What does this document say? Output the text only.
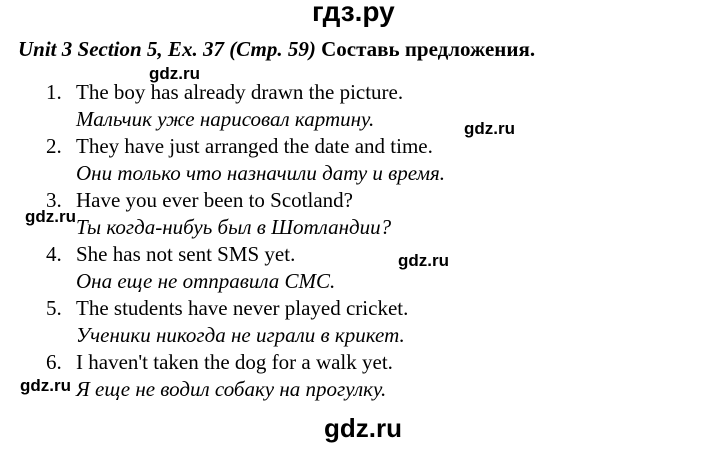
гдз.ру
Unit 3 Section 5, Ex. 37 (Стр. 59) Составь предложения.
1. The boy has already drawn the picture.
Мальчик уже нарисовал картину.
2. They have just arranged the date and time.
Они только что назначили дату и время.
3. Have you ever been to Scotland?
Ты когда-нибуь был в Шотландии?
4. She has not sent SMS yet.
Она еще не отправила СМС.
5. The students have never played cricket.
Ученики никогда не играли в крикет.
6. I haven't taken the dog for a walk yet.
Я еще не водил собаку на прогулку.
gdz.ru
gdz.ru
gdz.ru
gdz.ru
gdz.ru
gdz.ru
